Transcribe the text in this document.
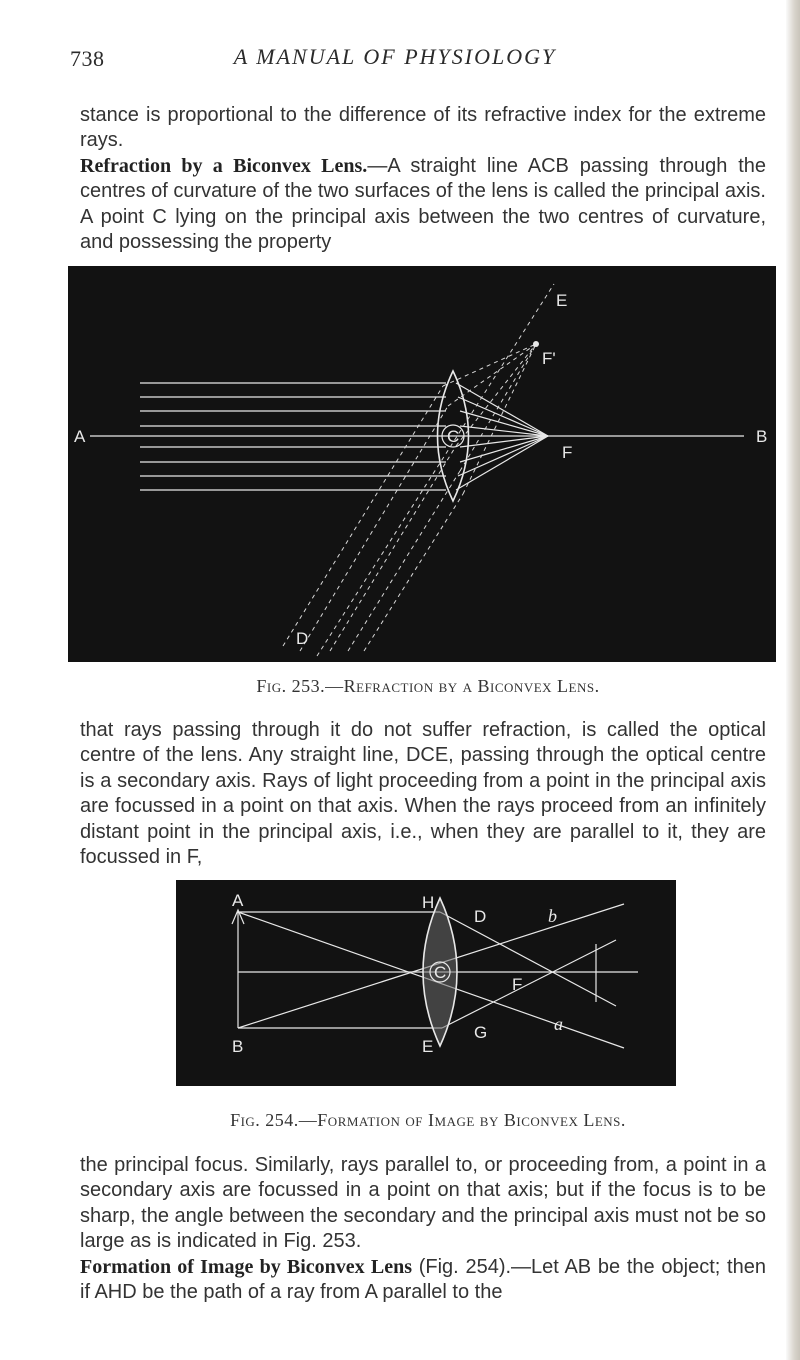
738	A MANUAL OF PHYSIOLOGY

stance is proportional to the difference of its refractive index for the extreme rays.

Refraction by a Biconvex Lens.—A straight line ACB passing through the centres of curvature of the two surfaces of the lens is called the principal axis. A point C lying on the principal axis between the two centres of curvature, and possessing the property

A	B
C
D
E
F
F'

Fig. 253.—Refraction by a Biconvex Lens.

that rays passing through it do not suffer refraction, is called the optical centre of the lens. Any straight line, DCE, passing through the optical centre is a secondary axis. Rays of light proceeding from a point in the principal axis are focussed in a point on that axis. When the rays proceed from an infinitely distant point in the principal axis, i.e., when they are parallel to it, they are focussed in F,

A
B
C
D
E
F
G
H
a
b

Fig. 254.—Formation of Image by Biconvex Lens.

the principal focus. Similarly, rays parallel to, or proceeding from, a point in a secondary axis are focussed in a point on that axis; but if the focus is to be sharp, the angle between the secondary and the principal axis must not be so large as is indicated in Fig. 253.

Formation of Image by Biconvex Lens (Fig. 254).—Let AB be the object; then if AHD be the path of a ray from A parallel to the
